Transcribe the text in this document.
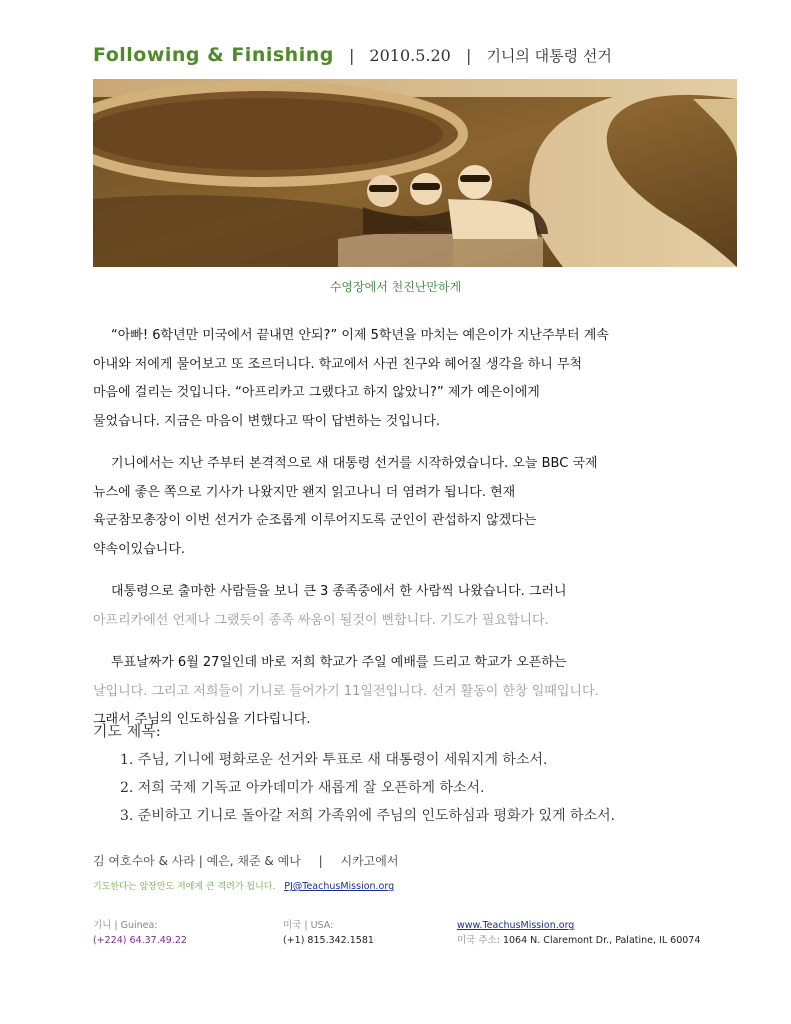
Following & Finishing | 2010.5.20 | 기니의 대통령 선거
수영장에서 천진난만하게

“아빠! 6학년만 미국에서 끝내면 안되?” 이제 5학년을 마치는 예은이가 지난주부터 계속
아내와 저에게 물어보고 또 조르더니다. 학교에서 사귄 친구와 헤어질 생각을 하니 무척
마음에 걸리는 것입니다. “아프리카고 그랬다고 하지 않았니?” 제가 예은이에게
물었습니다. 지금은 마음이 변했다고 딱이 답변하는 것입니다.

기니에서는 지난 주부터 본격적으로 새 대통령 선거를 시작하였습니다. 오늘 BBC 국제
뉴스에 좋은 쪽으로 기사가 나왔지만 왠지 읽고나니 더 염려가 됩니다. 현재
육군참모총장이 이번 선거가 순조롭게 이루어지도록 군인이 관섭하지 않겠다는
약속이있습니다.

대통령으로 출마한 사람들을 보니 큰 3 종족중에서 한 사람씩 나왔습니다. 그러니
아프리카에선 언제나 그랬듯이 종족 싸움이 될것이 뻔합니다. 기도가 필요합니다.

투표날짜가 6월 27일인데 바로 저희 학교가 주일 예배를 드리고 학교가 오픈하는
날입니다. 그리고 저희들이 기니로 들어가기 11일전입니다. 선거 활동이 한창 일때입니다.
그래서 주님의 인도하심을 기다립니다.

기도 제목:
1. 주님, 기니에 평화로운 선거와 투표로 새 대통령이 세워지게 하소서.
2. 저희 국제 기독교 아카데미가 새롭게 잘 오픈하게 하소서.
3. 준비하고 기니로 돌아갈 저희 가족위에 주님의 인도하심과 평화가 있게 하소서.
김 여호수아 & 사라 | 예은, 채준 & 예나 | 시카고에서
기도한다는 암장만도 저에게 큰 격려가 됩니다. PJ@TeachusMission.org
기니 | Guinea:
(+224) 64.37.49.22
미국 | USA:
(+1) 815.342.1581
www.TeachusMission.org
미국 주소: 1064 N. Claremont Dr., Palatine, IL 60074
